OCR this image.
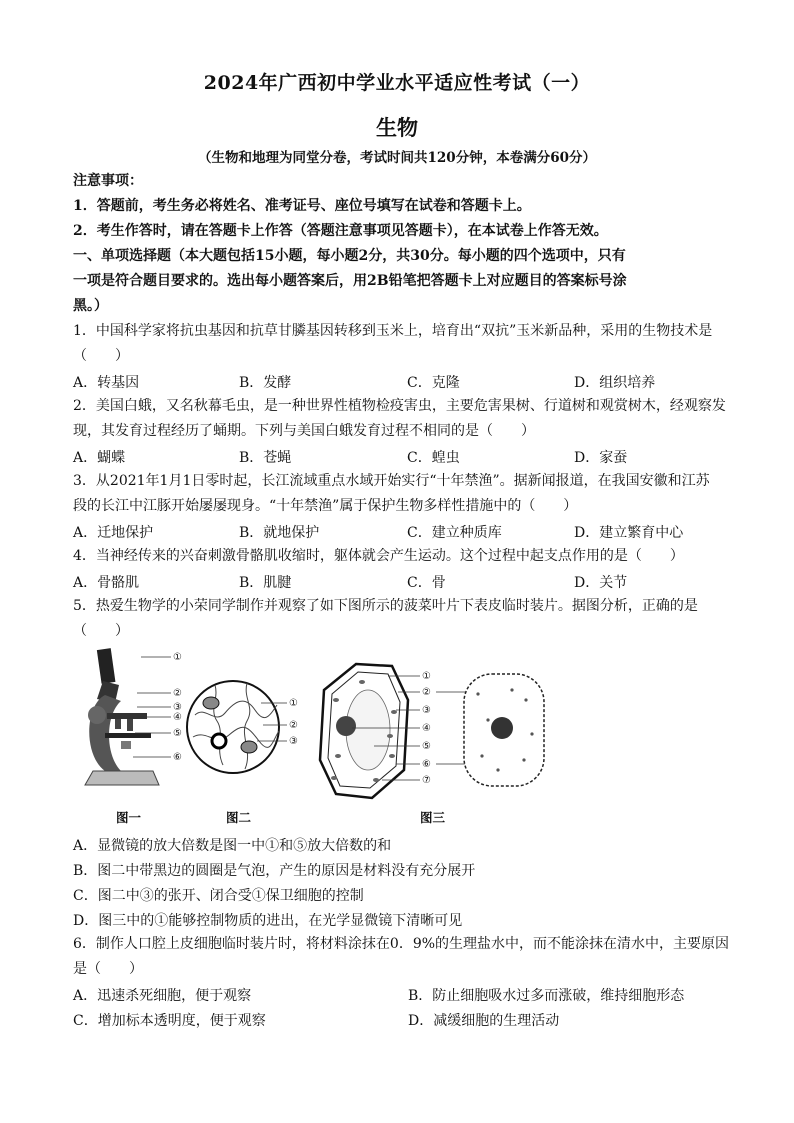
2024年广西初中学业水平适应性考试（一）
生物
（生物和地理为同堂分卷，考试时间共120分钟，本卷满分60分）
注意事项：
1．答题前，考生务必将姓名、准考证号、座位号填写在试卷和答题卡上。
2．考生作答时，请在答题卡上作答（答题注意事项见答题卡），在本试卷上作答无效。
一、单项选择题（本大题包括15小题，每小题2分，共30分。每小题的四个选项中，只有
一项是符合题目要求的。选出每小题答案后，用2B铅笔把答题卡上对应题目的答案标号涂
黑。）
1．中国科学家将抗虫基因和抗草甘膦基因转移到玉米上，培育出“双抗”玉米新品种，采用的生物技术是
（　　）
A．转基因	B．发酵	C．克隆	D．组织培养
2．美国白蛾，又名秋幕毛虫，是一种世界性植物检疫害虫，主要危害果树、行道树和观赏树木，经观察发
现，其发育过程经历了蛹期。下列与美国白蛾发育过程不相同的是（　　）
A．蝴蝶	B．苍蝇	C．蝗虫	D．家蚕
3．从2021年1月1日零时起，长江流域重点水域开始实行“十年禁渔”。据新闻报道，在我国安徽和江苏
段的长江中江豚开始屡屡现身。“十年禁渔”属于保护生物多样性措施中的（　　）
A．迁地保护	B．就地保护	C．建立种质库	D．建立繁育中心
4．当神经传来的兴奋刺激骨骼肌收缩时，躯体就会产生运动。这个过程中起支点作用的是（　　）
A．骨骼肌	B．肌腱	C．骨	D．关节
5．热爱生物学的小荣同学制作并观察了如下图所示的菠菜叶片下表皮临时装片。据图分析，正确的是
（　　）
①
②
③
④
⑤
⑥
图一
①
②
③
图二
①
②
③
④
⑤
⑥
⑦
图三
A．显微镜的放大倍数是图一中①和⑤放大倍数的和
B．图二中带黑边的圆圈是气泡，产生的原因是材料没有充分展开
C．图二中③的张开、闭合受①保卫细胞的控制
D．图三中的①能够控制物质的进出，在光学显微镜下清晰可见
6．制作人口腔上皮细胞临时装片时，将材料涂抹在0．9%的生理盐水中，而不能涂抹在清水中，主要原因
是（　　）
A．迅速杀死细胞，便于观察	B．防止细胞吸水过多而涨破，维持细胞形态
C．增加标本透明度，便于观察	D．减缓细胞的生理活动
